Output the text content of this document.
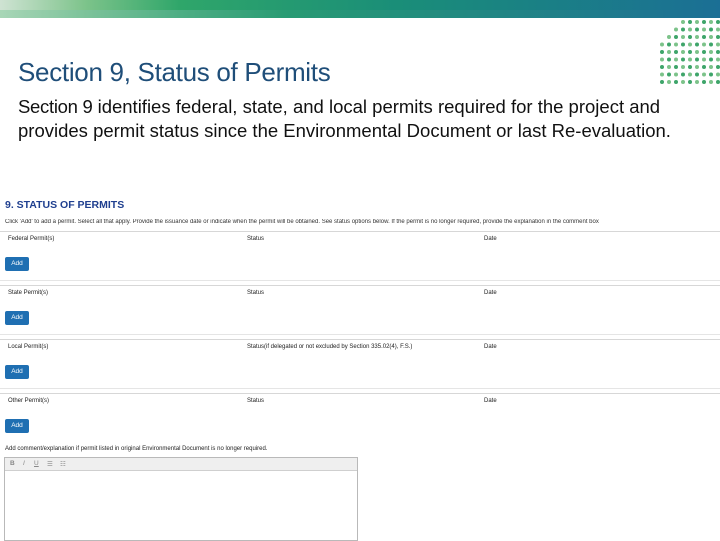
Section 9, Status of Permits
Section 9 identifies federal, state, and local permits required for the project and provides permit status since the Environmental Document or last Re-evaluation.
9. STATUS OF PERMITS
Click 'Add' to add a permit. Select all that apply. Provide the issuance date or indicate when the permit will be obtained. See status options below. If the permit is no longer required, provide the explanation in the comment box
Federal Permit(s)	Status	Date
Add
State Permit(s)	Status	Date
Add
Local Permit(s)	Status(if delegated or not excluded by Section 335.02(4), F.S.)	Date
Add
Other Permit(s)	Status	Date
Add
Add comment/explanation if permit listed in original Environmental Document is no longer required.
B I U ☰ ☷
